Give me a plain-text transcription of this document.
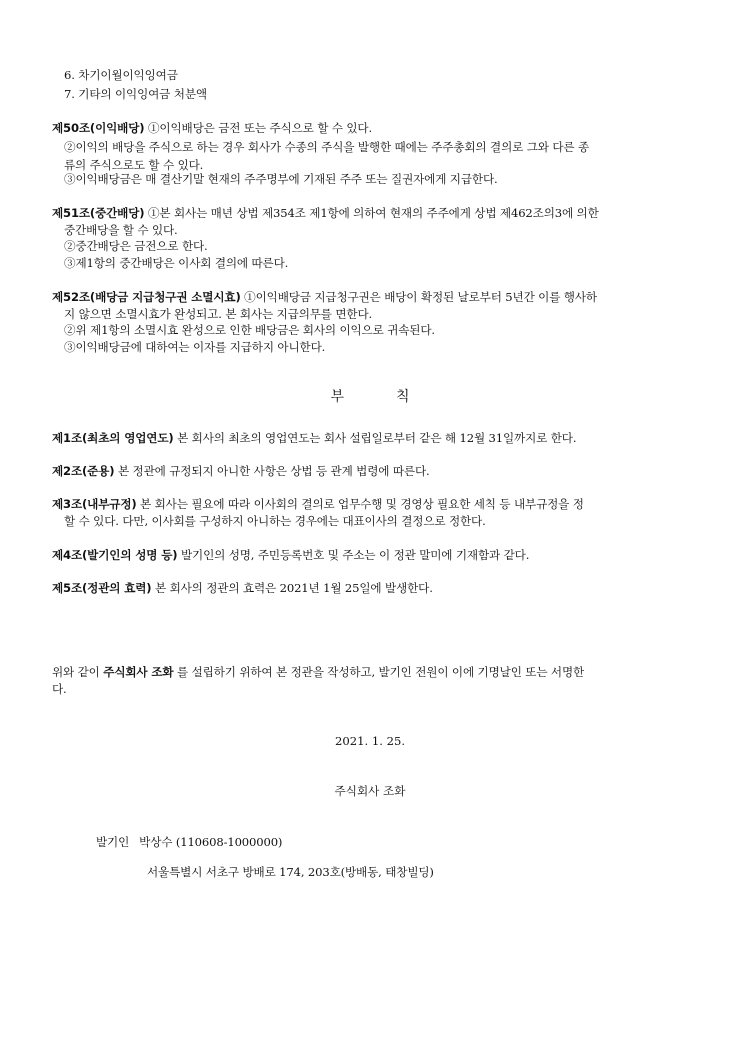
6. 차기이월이익잉여금
7. 기타의 이익잉여금 처분액
제50조(이익배당) ①이익배당은 금전 또는 주식으로 할 수 있다.
②이익의 배당을 주식으로 하는 경우 회사가 수종의 주식을 발행한 때에는 주주총회의 결의로 그와 다른 종
류의 주식으로도 할 수 있다.
③이익배당금은 매 결산기말 현재의 주주명부에 기재된 주주 또는 질권자에게 지급한다.
제51조(중간배당) ①본 회사는 매년 상법 제354조 제1항에 의하여 현재의 주주에게 상법 제462조의3에 의한
중간배당을 할 수 있다.
②중간배당은 금전으로 한다.
③제1항의 중간배당은 이사회 결의에 따른다.
제52조(배당금 지급청구권 소멸시효) ①이익배당금 지급청구권은 배당이 확정된 날로부터 5년간 이를 행사하
지 않으면 소멸시효가 완성되고. 본 회사는 지급의무를 면한다.
②위 제1항의 소멸시효 완성으로 인한 배당금은 회사의 이익으로 귀속된다.
③이익배당금에 대하여는 이자를 지급하지 아니한다.
부	칙
제1조(최초의 영업연도) 본 회사의 최초의 영업연도는 회사 설립일로부터 같은 해 12월 31일까지로 한다.
제2조(준용) 본 정관에 규정되지 아니한 사항은 상법 등 관계 법령에 따른다.
제3조(내부규정) 본 회사는 필요에 따라 이사회의 결의로 업무수행 및 경영상 필요한 세칙 등 내부규정을 정
할 수 있다. 다만, 이사회를 구성하지 아니하는 경우에는 대표이사의 결정으로 정한다.
제4조(발기인의 성명 등) 발기인의 성명, 주민등록번호 및 주소는 이 정관 말미에 기재함과 같다.
제5조(정관의 효력) 본 회사의 정관의 효력은 2021년 1월 25일에 발생한다.
위와 같이 주식회사 조화 를 설립하기 위하여 본 정관을 작성하고, 발기인 전원이 이에 기명날인 또는 서명한
다.
2021. 1. 25.
주식회사 조화
발기인 박상수 (110608-1000000)
서울특별시 서초구 방배로 174, 203호(방배동, 태창빌딩)
